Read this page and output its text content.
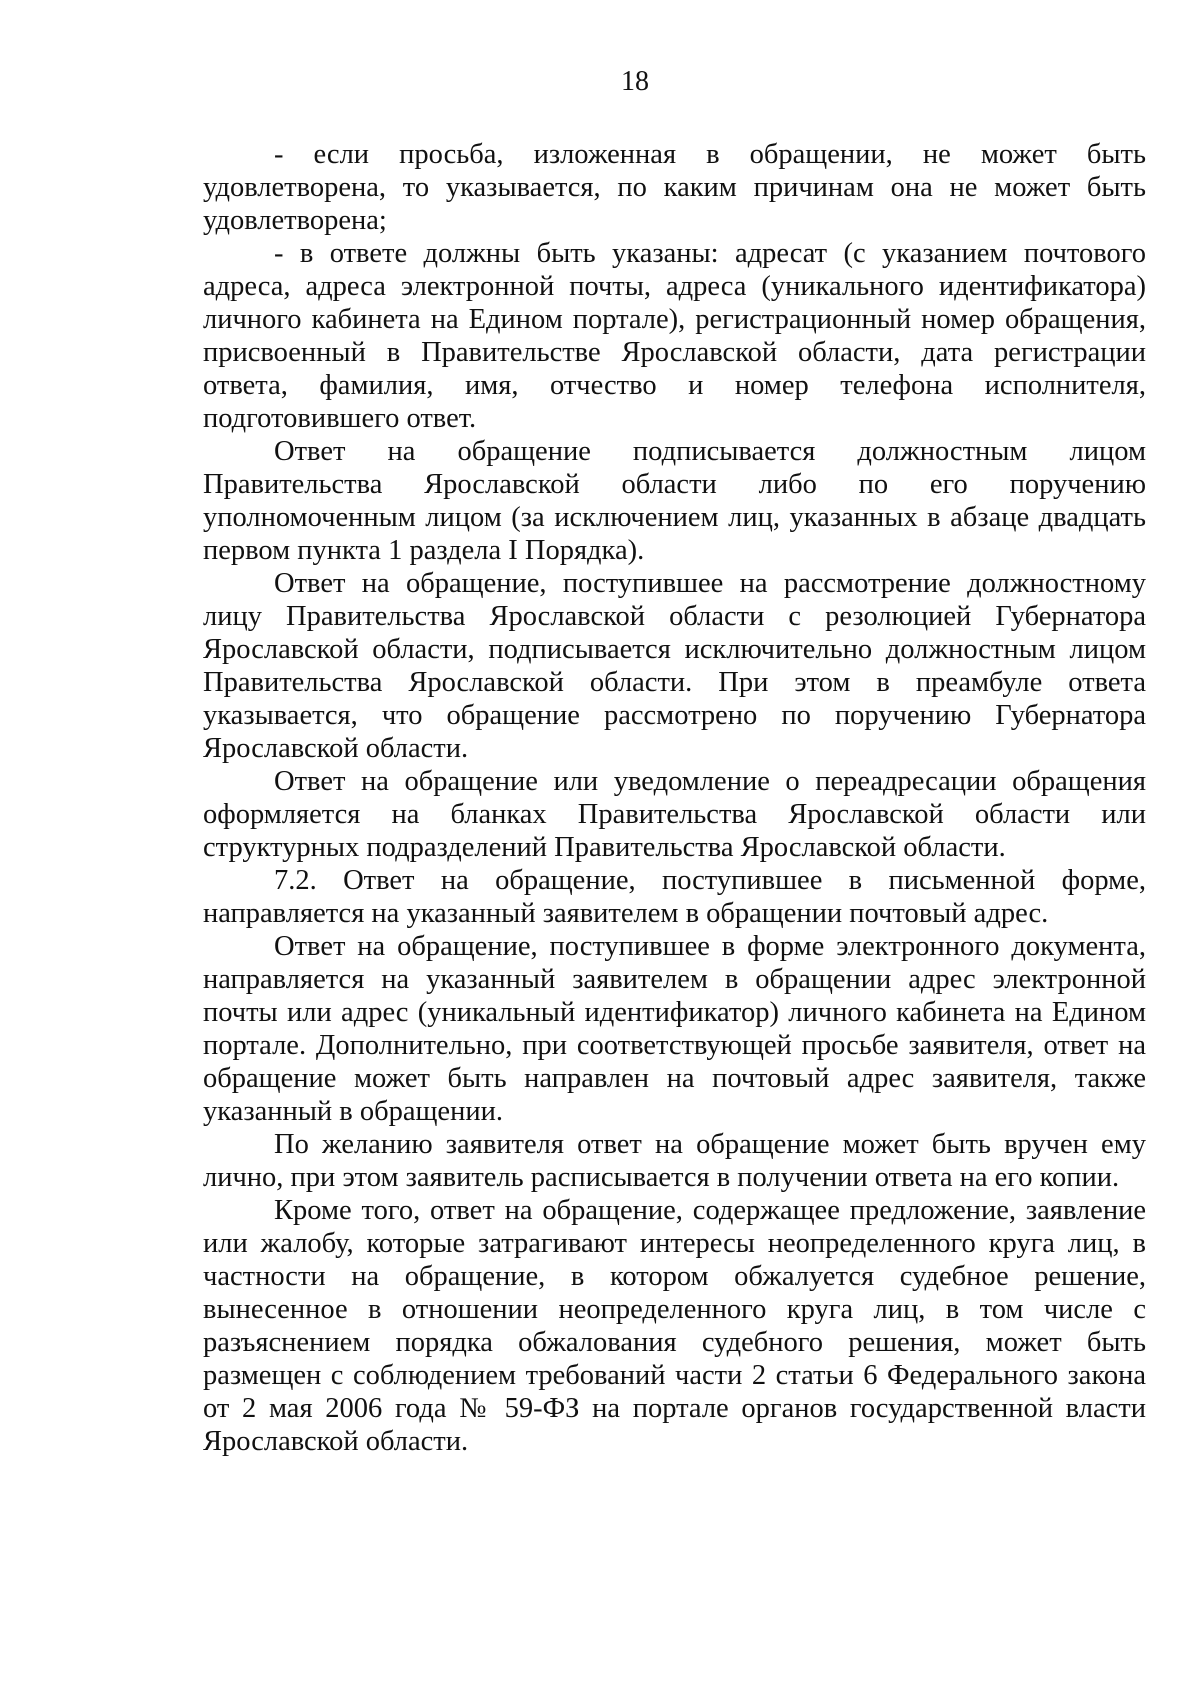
18

- если просьба, изложенная в обращении, не может быть удовлетворена, то указывается, по каким причинам она не может быть удовлетворена;

- в ответе должны быть указаны: адресат (с указанием почтового адреса, адреса электронной почты, адреса (уникального идентификатора) личного кабинета на Едином портале), регистрационный номер обращения, присвоенный в Правительстве Ярославской области, дата регистрации ответа, фамилия, имя, отчество и номер телефона исполнителя, подготовившего ответ.

Ответ на обращение подписывается должностным лицом Правительства Ярославской области либо по его поручению уполномоченным лицом (за исключением лиц, указанных в абзаце двадцать первом пункта 1 раздела I Порядка).

Ответ на обращение, поступившее на рассмотрение должностному лицу Правительства Ярославской области с резолюцией Губернатора Ярославской области, подписывается исключительно должностным лицом Правительства Ярославской области. При этом в преамбуле ответа указывается, что обращение рассмотрено по поручению Губернатора Ярославской области.

Ответ на обращение или уведомление о переадресации обращения оформляется на бланках Правительства Ярославской области или структурных подразделений Правительства Ярославской области.

7.2. Ответ на обращение, поступившее в письменной форме, направляется на указанный заявителем в обращении почтовый адрес.

Ответ на обращение, поступившее в форме электронного документа, направляется на указанный заявителем в обращении адрес электронной почты или адрес (уникальный идентификатор) личного кабинета на Едином портале. Дополнительно, при соответствующей просьбе заявителя, ответ на обращение может быть направлен на почтовый адрес заявителя, также указанный в обращении.

По желанию заявителя ответ на обращение может быть вручен ему лично, при этом заявитель расписывается в получении ответа на его копии.

Кроме того, ответ на обращение, содержащее предложение, заявление или жалобу, которые затрагивают интересы неопределенного круга лиц, в частности на обращение, в котором обжалуется судебное решение, вынесенное в отношении неопределенного круга лиц, в том числе с разъяснением порядка обжалования судебного решения, может быть размещен с соблюдением требований части 2 статьи 6 Федерального закона от 2 мая 2006 года № 59-ФЗ на портале органов государственной власти Ярославской области.
